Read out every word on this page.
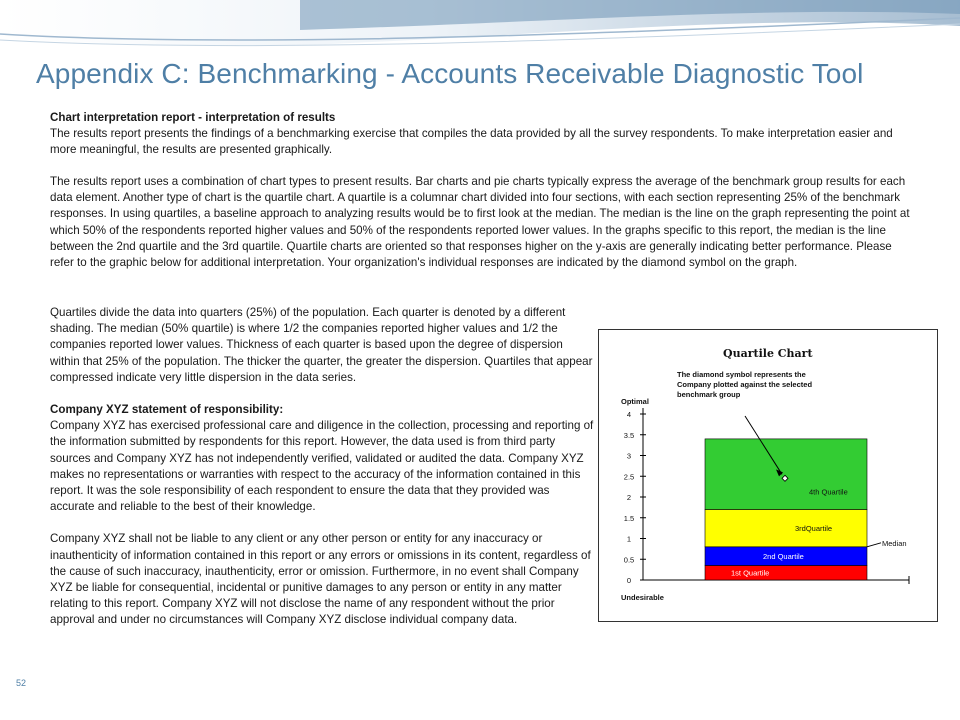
Appendix C: Benchmarking - Accounts Receivable Diagnostic Tool

Chart interpretation report - interpretation of results

The results report presents the findings of a benchmarking exercise that compiles the data provided by all the survey respondents. To make interpretation easier and more meaningful, the results are presented graphically.

The results report uses a combination of chart types to present results. Bar charts and pie charts typically express the average of the benchmark group results for each data element. Another type of chart is the quartile chart. A quartile is a columnar chart divided into four sections, with each section representing 25% of the benchmark responses. In using quartiles, a baseline approach to analyzing results would be to first look at the median. The median is the line on the graph representing the point at which 50% of the respondents reported higher values and 50% of the respondents reported lower values. In the graphs specific to this report, the median is the line between the 2nd quartile and the 3rd quartile. Quartile charts are oriented so that responses higher on the y-axis are generally indicating better performance. Please refer to the graphic below for additional interpretation. Your organization's individual responses are indicated by the diamond symbol on the graph.

Quartiles divide the data into quarters (25%) of the population. Each quarter is denoted by a different shading. The median (50% quartile) is where 1/2 the companies reported higher values and 1/2 the companies reported lower values. Thickness of each quarter is based upon the degree of dispersion within that 25% of the population. The thicker the quarter, the greater the dispersion. Quartiles that appear compressed indicate very little dispersion in the data series.

Company XYZ statement of responsibility:

Company XYZ has exercised professional care and diligence in the collection, processing and reporting of the information submitted by respondents for this report. However, the data used is from third party sources and Company XYZ has not independently verified, validated or audited the data. Company XYZ makes no representations or warranties with respect to the accuracy of the information contained in this report. It was the sole responsibility of each respondent to ensure the data that they provided was accurate and reliable to the best of their knowledge.

Company XYZ shall not be liable to any client or any other person or entity for any inaccuracy or inauthenticity of information contained in this report or any errors or omissions in its content, regardless of the cause of such inaccuracy, inauthenticity, error or omission. Furthermore, in no event shall Company XYZ be liable for consequential, incidental or punitive damages to any person or entity in any matter relating to this report. Company XYZ will not disclose the name of any respondent without the prior approval and under no circumstances will Company XYZ disclose individual company data.

Quartile Chart
The diamond symbol represents the
Company plotted against the selected
benchmark group
Optimal
Undesirable
0
0.5
1
1.5
2
2.5
3
3.5
4
1st Quartile
2nd Quartile
3rdQuartile
4th Quartile
Median
52
